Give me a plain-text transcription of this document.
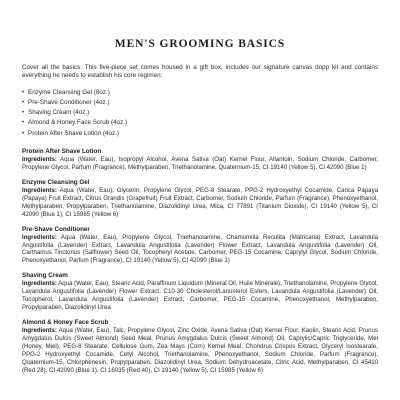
MEN'S GROOMING BASICS

Cover all the basics. This five-piece set comes housed in a gift box, includes our signature canvas dopp kit and contains everything he needs to establish his core regimen:

• Enzyme Cleansing Gel (8oz.)
• Pre-Shave Conditioner (4oz.)
• Shaving Cream (4oz.)
• Almond & Honey Face Scrub (4oz.)
• Protein After Shave Lotion (4oz.)
Protein After Shave Lotion
Ingredients: Aqua (Water, Eau), Isopropyl Alcohol, Avena Sativa (Oat) Kernel Flour, Allantoin, Sodium Chloride, Carbomer, Propylene Glycol, Parfum (Fragrance), Methylparaben, Triethanolamine, Quaternium-15, CI 19140 (Yellow 5), CI 42090 (Blue 1)
Enzyme Cleansing Gel
Ingredients: Aqua (Water, Eau), Glycerin, Propylene Glycol, PEG-8 Stearate, PPG-2 Hydroxyethyl Cocamide, Carica Papaya (Papaya) Fruit Extract, Citrus Grandis (Grapefruit) Fruit Extract, Carbomer, Sodium Chloride, Parfum (Fragrance), Phenoxyethanol, Methylparaben, Propylparaben, Triethanolamine, Diazolidinyl Urea, Mica, CI 77891 (Titanium Dioxide), CI 19140 (Yellow 5), CI 42090 (Blue 1), CI 15985 (Yellow 6)
Pre-Shave Conditioner
Ingredients: Aqua (Water, Eau), Propylene Glycol, Triethanolamine, Chamomilla Recutita (Matricaria) Extract, Lavandula Angustifolia (Lavender) Extract, Lavandula Angustifolia (Lavender) Flower Extract, Lavandula Angustifolia (Lavender) Oil, Carthamus Tinctorius (Safflower) Seed Oil, Tocopheryl Acetate, Carbomer, PEG-15 Cocamine, Caprylyl Glycol, Sodium Chloride, Phenoxyethanol, Parfum (Fragrance), CI 19140 (Yellow 5), CI 42090 (Blue 1)
Shaving Cream
Ingredients: Aqua (Water, Eau), Stearic Acid, Paraffinum Liquidum (Mineral Oil, Huile Minérale), Triethanolamine, Propylene Glycol, Lavandula Angustifolia (Lavender) Flower Extract, C10-30 Cholesterol/Lanosterol Esters, Lavandula Angustifolia (Lavender) Oil, Tocopherol, Lavandula Angustifolia (Lavender) Extract, Carbomer, PEG-15 Cocamine, Phenoxyethanol, Methylparaben, Propylparaben, Diazolidinyl Urea
Almond & Honey Face Scrub
Ingredients: Aqua (Water, Eau), Talc, Propylene Glycol, Zinc Oxide, Avena Sativa (Oat) Kernel Flour, Kaolin, Stearic Acid, Prunus Amygdalus Dulcis (Sweet Almond) Seed Meal, Prunus Amygdalus Dulcis (Sweet Almond) Oil, Caprylic/Capric Triglyceride, Mel (Honey, Miel), PEG-8 Stearate, Cellulose Gum, Zea Mays (Corn) Kernel Meal, Chondrus Crispus Extract, Glyceryl Isostearate, PPG-2 Hydroxyethyl Cocamide, Cetyl Alcohol, Triethanolamine, Phenoxyethanol, Sodium Chloride, Parfum (Fragrance), Quaternium-15, Chlorphenesin, Propylparaben, Diazolidinyl Urea, Sodium Dehydroacetate, Citric Acid, Methylparaben, CI 45410 (Red 28), CI 42090 (Blue 1), CI 16035 (Red 40), CI 19140 (Yellow 5), CI 15985 (Yellow 6)
